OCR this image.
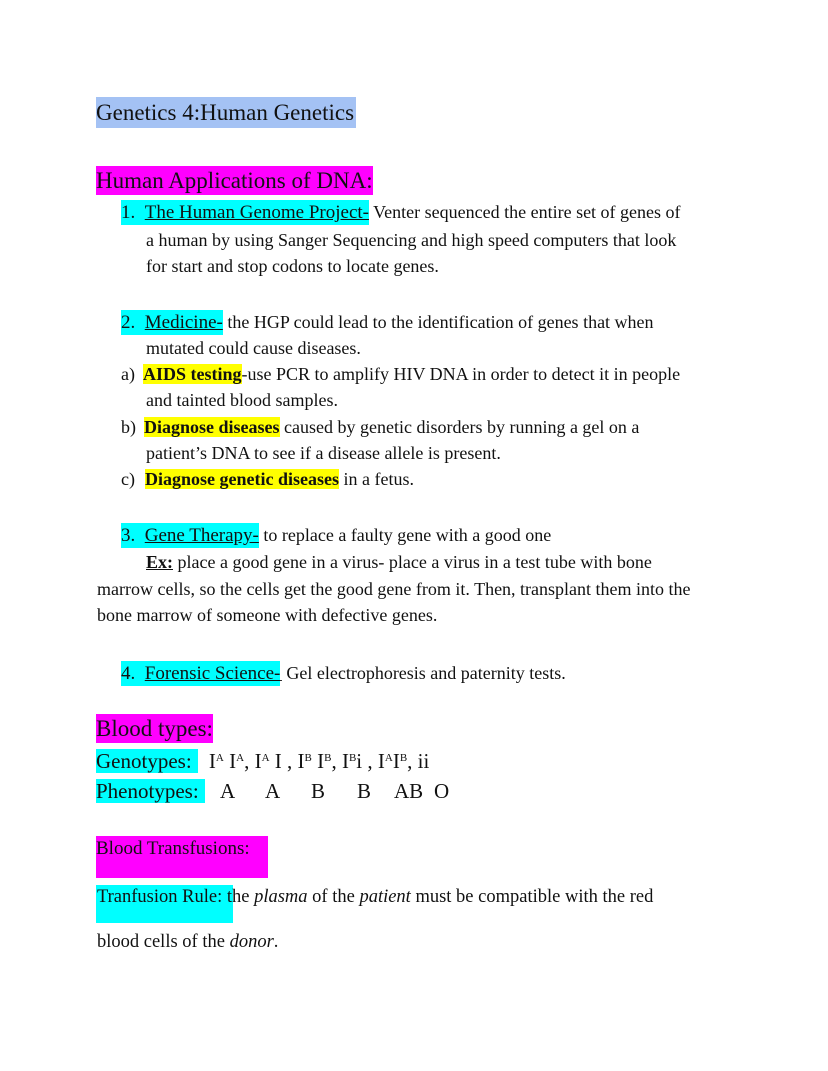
Genetics 4:Human Genetics
Human Applications of DNA:
1. The Human Genome Project- Venter sequenced the entire set of genes of
a human by using Sanger Sequencing and high speed computers that look
for start and stop codons to locate genes.
2. Medicine- the HGP could lead to the identification of genes that when
mutated could cause diseases.
a) AIDS testing-use PCR to amplify HIV DNA in order to detect it in people
and tainted blood samples.
b) Diagnose diseases caused by genetic disorders by running a gel on a
patient’s DNA to see if a disease allele is present.
c) Diagnose genetic diseases in a fetus.
3. Gene Therapy- to replace a faulty gene with a good one
Ex: place a good gene in a virus- place a virus in a test tube with bone
marrow cells, so the cells get the good gene from it. Then, transplant them into the
bone marrow of someone with defective genes.
4. Forensic Science-  Gel electrophoresis and paternity tests.
Blood types:
Genotypes: $I^A$ $I^A$, $I^A$ I , $I^B$ $I^B$, $I^Bi$ , $I^AI^B$, ii
Phenotypes: A A B B AB O
Blood Transfusions:
Tranfusion Rule: the plasma of the patient must be compatible with the red
blood cells of the donor.
